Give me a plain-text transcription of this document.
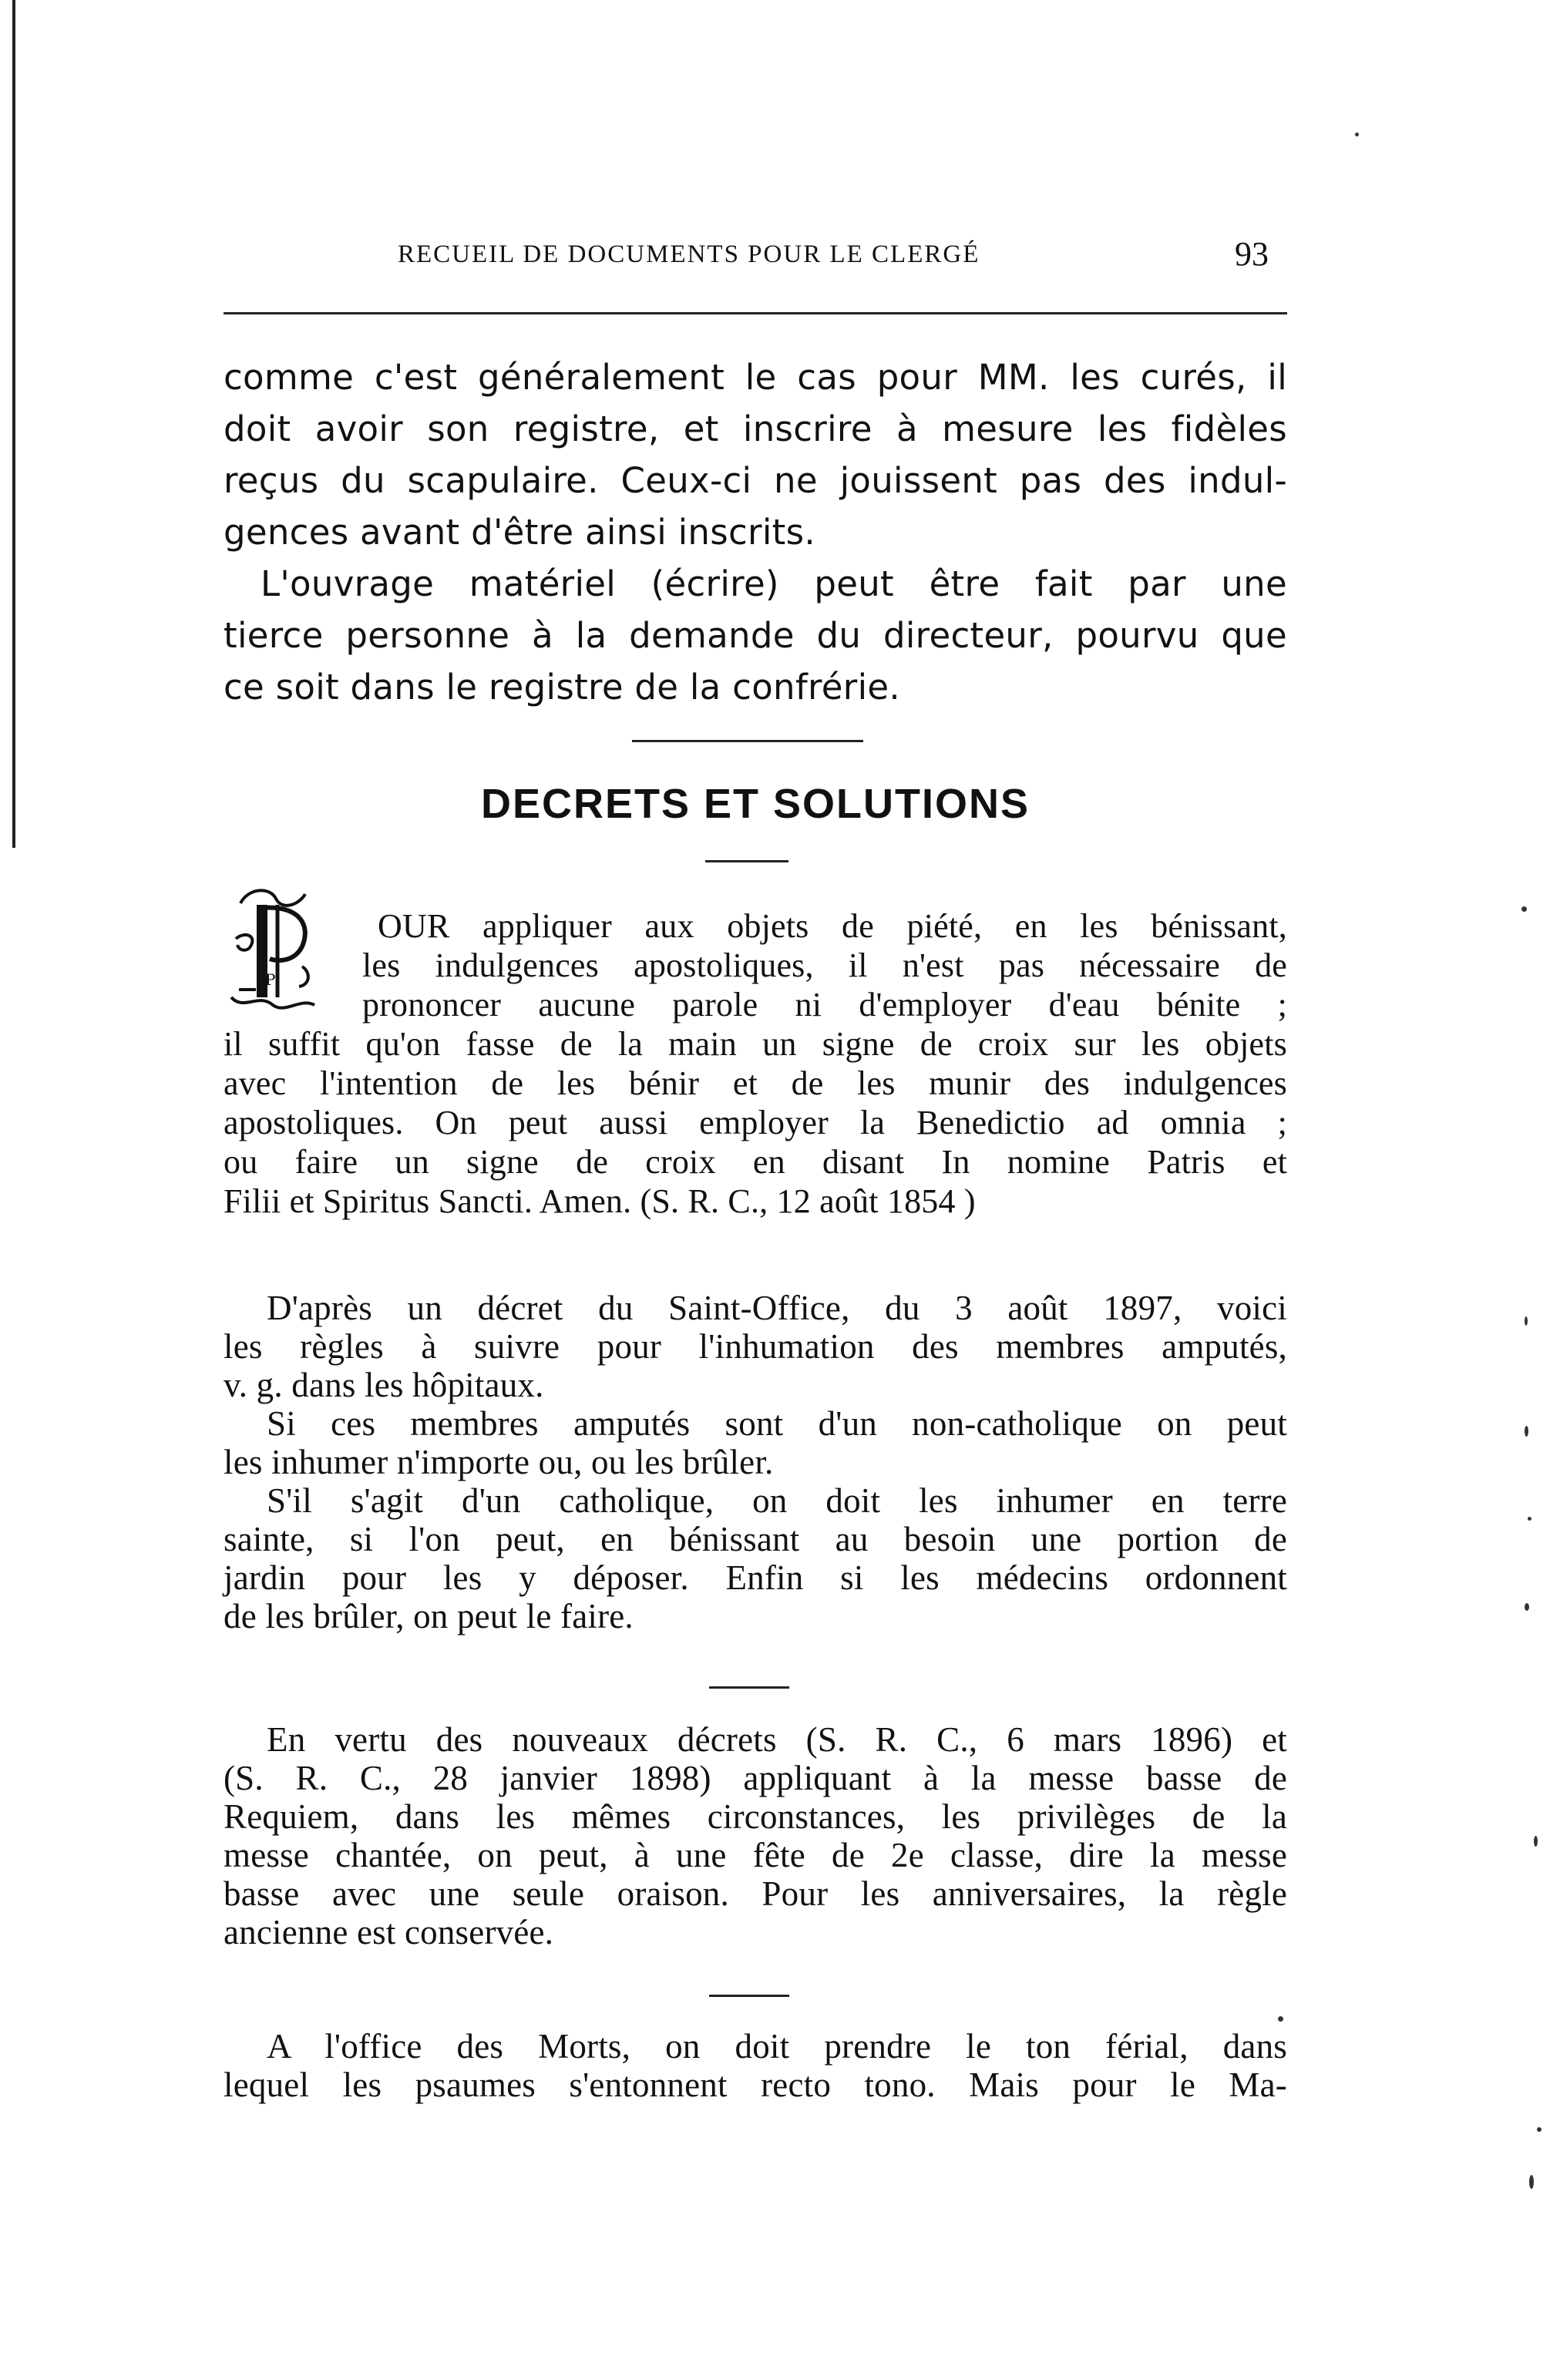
RECUEIL DE DOCUMENTS POUR LE CLERGÉ	93
comme c'est généralement le cas pour MM. les curés, il
doit avoir son registre, et inscrire à mesure les fidèles
reçus du scapulaire. Ceux-ci ne jouissent pas des indul-
gences avant d'être ainsi inscrits.
L'ouvrage matériel (écrire) peut être fait par une
tierce personne à la demande du directeur, pourvu que
ce soit dans le registre de la confrérie.
DECRETS ET SOLUTIONS
P
OUR appliquer aux objets de piété, en les bénissant,
les indulgences apostoliques, il n'est pas nécessaire de
prononcer aucune parole ni d'employer d'eau bénite ;
il suffit qu'on fasse de la main un signe de croix sur les objets
avec l'intention de les bénir et de les munir des indulgences
apostoliques. On peut aussi employer la Benedictio ad omnia ;
ou faire un signe de croix en disant In nomine Patris et
Filii et Spiritus Sancti. Amen. (S. R. C., 12 août 1854 )
D'après un décret du Saint-Office, du 3 août 1897, voici
les règles à suivre pour l'inhumation des membres amputés,
v. g. dans les hôpitaux.
Si ces membres amputés sont d'un non-catholique on peut
les inhumer n'importe ou, ou les brûler.
S'il s'agit d'un catholique, on doit les inhumer en terre
sainte, si l'on peut, en bénissant au besoin une portion de
jardin pour les y déposer. Enfin si les médecins ordonnent
de les brûler, on peut le faire.
En vertu des nouveaux décrets (S. R. C., 6 mars 1896) et
(S. R. C., 28 janvier 1898) appliquant à la messe basse de
Requiem, dans les mêmes circonstances, les privilèges de la
messe chantée, on peut, à une fête de 2e classe, dire la messe
basse avec une seule oraison. Pour les anniversaires, la règle
ancienne est conservée.
A l'office des Morts, on doit prendre le ton férial, dans
lequel les psaumes s'entonnent recto tono. Mais pour le Ma-
